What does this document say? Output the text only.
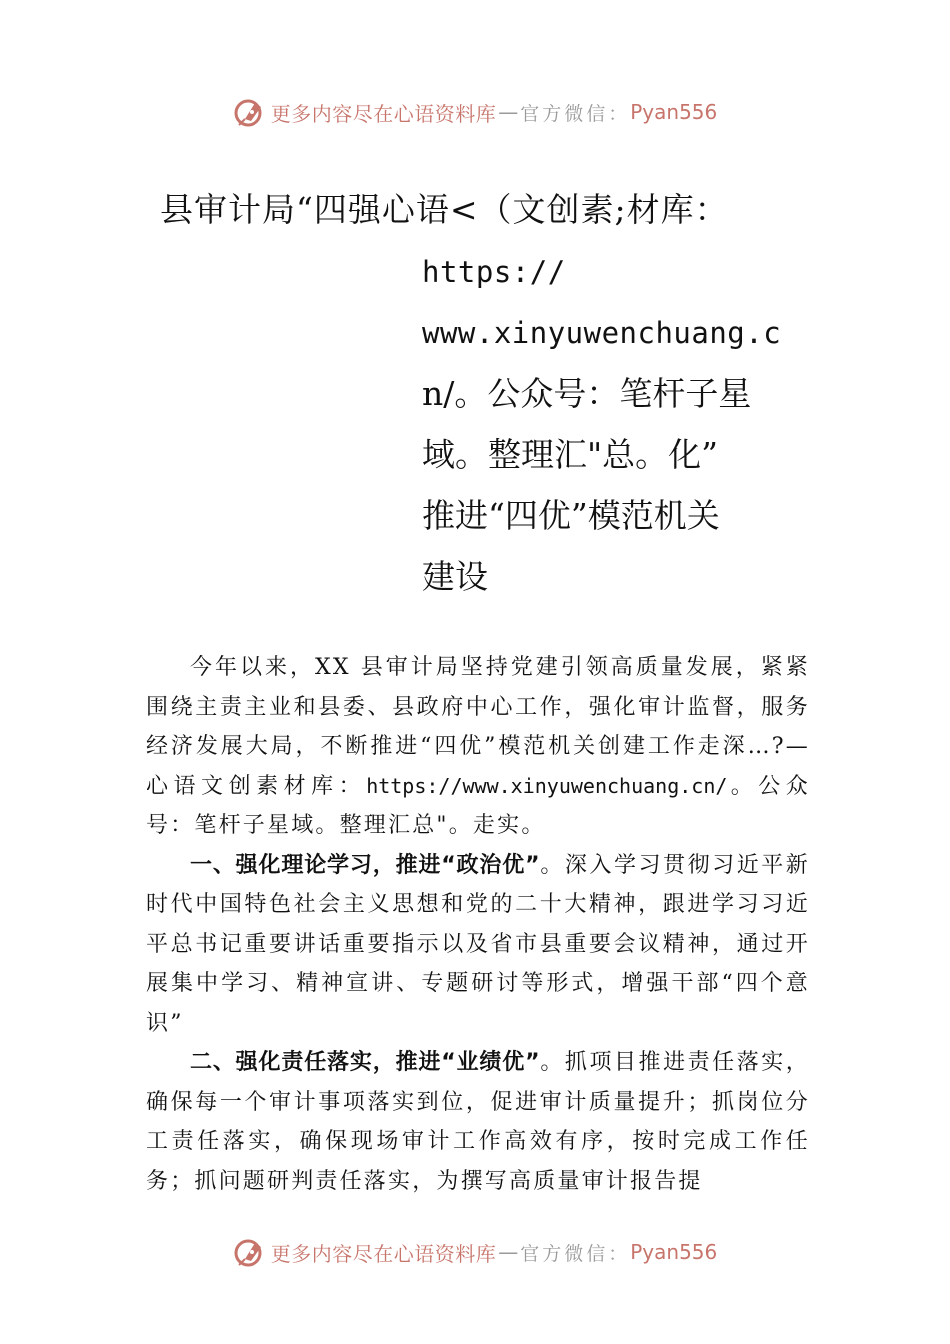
更多内容尽在心语资料库 — 官方微信： Pyan556
县审计局“四强心语<（文创素;材库：
https://
www.xinyuwenchuang.c
n/。公众号：笔杆子星
域。整理汇"总。化”
推进“四优”模范机关
建设

今年以来，XX 县审计局坚持党建引领高质量发展，紧紧围绕主责主业和县委、县政府中心工作，强化审计监督，服务经济发展大局，不断推进“四优”模范机关创建工作走深…?—心语文创素材库：https://www.xinyuwenchuang.cn/。公众号：笔杆子星域。整理汇总"。走实。

一、强化理论学习，推进“政治优”。深入学习贯彻习近平新时代中国特色社会主义思想和党的二十大精神，跟进学习习近平总书记重要讲话重要指示以及省市县重要会议精神，通过开展集中学习、精神宣讲、专题研讨等形式，增强干部“四个意识”

二、强化责任落实，推进“业绩优”。抓项目推进责任落实，确保每一个审计事项落实到位，促进审计质量提升；抓岗位分工责任落实，确保现场审计工作高效有序，按时完成工作任务；抓问题研判责任落实，为撰写高质量审计报告提

更多内容尽在心语资料库 — 官方微信： Pyan556
